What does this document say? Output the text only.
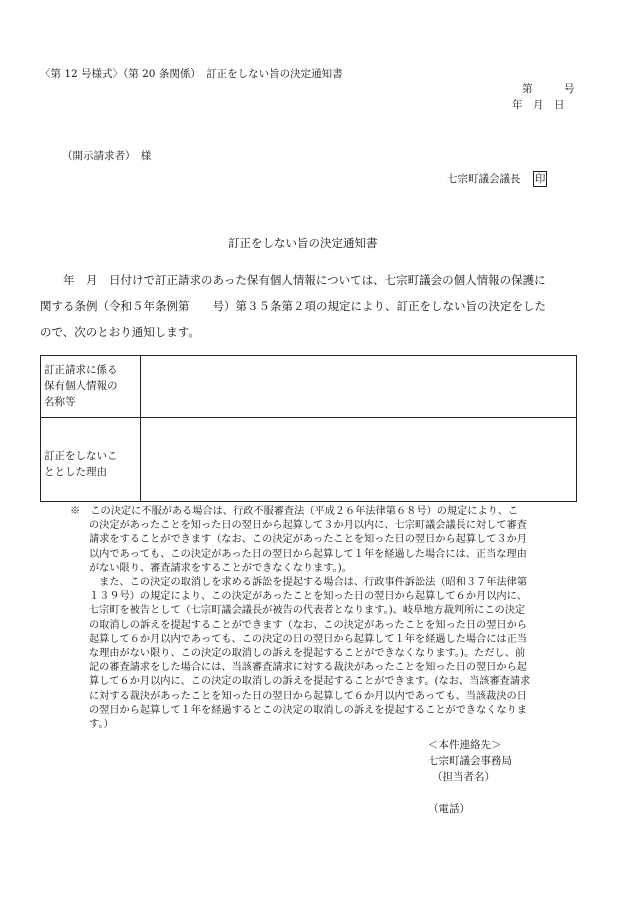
〈第 12 号様式〉（第 20 条関係）　訂正をしない旨の決定通知書
第　　　号
年　月　日
（開示請求者）　様
七宗町議会議長 印
訂正をしない旨の決定通知書

　　年　月　日付けで訂正請求のあった保有個人情報については、七宗町議会の個人情報の保護に

関する条例（令和５年条例第　　号）第３５条第２項の規定により、訂正をしない旨の決定をした

ので、次のとおり通知します。

訂正請求に係る
保有個人情報の
名称等	

訂正をしないこ
ととした理由	

※　この決定に不服がある場合は、行政不服審査法（平成２６年法律第６８号）の規定により、こ

の決定があったことを知った日の翌日から起算して３か月以内に、七宗町議会議長に対して審査

請求をすることができます（なお、この決定があったことを知った日の翌日から起算して３か月

以内であっても、この決定があった日の翌日から起算して１年を経過した場合には、正当な理由

がない限り、審査請求をすることができなくなります。)。

　また、この決定の取消しを求める訴訟を提起する場合は、行政事件訴訟法（昭和３７年法律第

１３９号）の規定により、この決定があったことを知った日の翌日から起算して６か月以内に、

七宗町を被告として（七宗町議会議長が被告の代表者となります。)、岐阜地方裁判所にこの決定

の取消しの訴えを提起することができます（なお、この決定があったことを知った日の翌日から

起算して６か月以内であっても、この決定の日の翌日から起算して１年を経過した場合には正当

な理由がない限り、この決定の取消しの訴えを提起することができなくなります。)。ただし、前

記の審査請求をした場合には、当該審査請求に対する裁決があったことを知った日の翌日から起

算して６か月以内に、この決定の取消しの訴えを提起することができます。(なお、当該審査請求

に対する裁決があったことを知った日の翌日から起算して６か月以内であっても、当該裁決の日

の翌日から起算して１年を経過するとこの決定の取消しの訴えを提起することができなくなりま

す。）

＜本件連絡先＞

七宗町議会事務局

（担当者名）

（電話）
